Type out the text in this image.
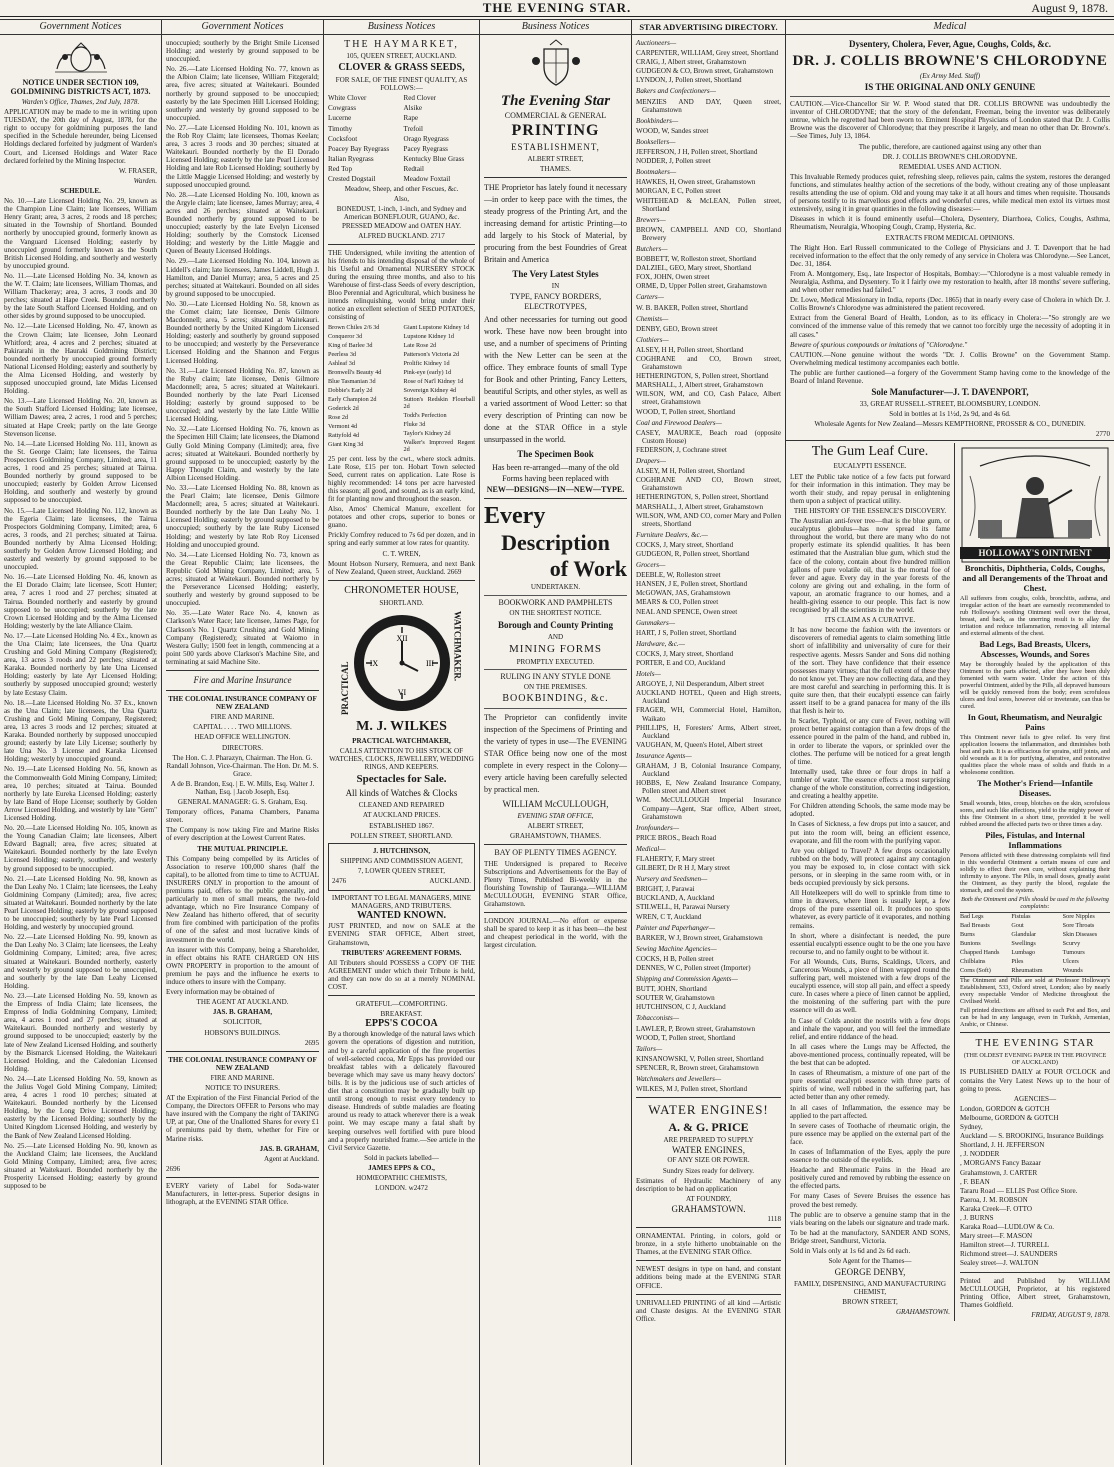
THE EVENING STAR.	August 9, 1878.
Government Notices

NOTICE UNDER SECTION 109, GOLDMINING DISTRICTS ACT, 1873.

Warden's Office, Thames, 2nd July, 1878.

APPLICATION may be made to me in writing upon TUESDAY, the 20th day of August, 1878, for the right to occupy for goldmining purposes the land specified in the Schedule hereunder, being Licensed Holdings declared forfeited by judgment of Warden's Court, and Licensed Holdings and Water Race declared forfeited by the Mining Inspector.

W. FRASER,

Warden.

SCHEDULE.

No. 10.—Late Licensed Holding No. 29, known as the Champion Line Claim; late licensees, William Henry Grant; area, 3 acres, 2 roods and 18 perches; situated in the Township of Shortland. Bounded northerly by unoccupied ground, formerly known as the Vanguard Licensed Holding; easterly by unoccupied ground formerly known as the South British Licensed Holding, and southerly and westerly by unoccupied ground.

No. 11.—Late Licensed Holding No. 34, known as the W. T. Claim; late licensees, William Thomas, and William Thackeray; area, 3 acres, 3 roods and 30 perches; situated at Hape Creek. Bounded northerly by the late South Stafford Licensed Holding, and on other sides by ground supposed to be unoccupied.

No. 12.—Late Licensed Holding, No. 47, known as the Crown Claim; late licensee, John Leonard Whitford; area, 4 acres and 2 perches; situated at Pakirarahi in the Hauraki Goldmining District; bounded northerly by unoccupied ground formerly National Licensed Holding; easterly and southerly by the Alma Licensed Holding, and westerly by supposed unoccupied ground, late Midas Licensed Holding.

No. 13.—Late Licensed Holding No. 20, known as the South Stafford Licensed Holding; late licensee, William Dawes; area, 2 acres, 1 rood and 5 perches; situated at Hape Creek; partly on the late George Stevenson license.

No. 14.—Late Licensed Holding No. 111, known as the St. George Claim; late licensees, the Tairua Prospectors Goldmining Company, Limited; area, 11 acres, 1 rood and 25 perches; situated at Tairua. Bounded northerly by ground supposed to be unoccupied; easterly by Golden Arrow Licensed Holding, and southerly and westerly by ground supposed to be unoccupied.

No. 15.—Late Licensed Holding No. 112, known as the Egeria Claim; late licensees, the Tairua Prospectors Goldmining Company, Limited; area, 6 acres, 3 roods, and 21 perches; situated at Tairua. Bounded northerly by Alma Licensed Holding; southerly by Golden Arrow Licensed Holding; and easterly and westerly by ground supposed to be unoccupied.

No. 16.—Late Licensed Holding No. 46, known as the El Dorado Claim; late licensee, Scott Hunter; area, 7 acres 1 rood and 27 perches; situated at Tairua. Bounded northerly and easterly by ground supposed to be unoccupied; southerly by the late Crown Licensed Holding and by the Alma Licensed Holding; westerly by the late Alliance Claim.

No. 17.—Late Licensed Holding No. 4 Ex., known as the Una Claim; late licensees, the Una Quartz Crushing and Gold Mining Company (Registered); area, 13 acres 3 roods and 22 perches; situated at Karaka. Bounded northerly by late Una Licensed Holding; easterly by late Ayr Licensed Holding; southerly by supposed unoccupied ground; westerly by late Ecstasy Claim.

No. 18.—Late Licensed Holding No. 37 Ex., known as the Una Claim; late licensees, the Una Quartz Crushing and Gold Mining Company, Registered; area, 13 acres 3 roods and 12 perches; situated at Karaka. Bounded northerly by supposed unoccupied ground; easterly by late Lily License; southerly by late Una No. 3 License and Karaka Licensed Holding; westerly by unoccupied ground.

No. 19.—Late Licensed Holding No. 56, known as the Commonwealth Gold Mining Company, Limited; area, 10 perches; situated at Tairua. Bounded northerly by late Eureka Licensed Holding; easterly by late Band of Hope License; southerly by Golden Arrow Licensed Holding, and westerly by late "Gem" Licensed Holding.

No. 20.—Late Licensed Holding No. 105, known as the Young Canadian Claim; late licensees, Albert Edward Bagnall; area, five acres; situated at Waitekauri. Bounded northerly by the late Evelyn Licensed Holding; easterly, southerly, and westerly by ground supposed to be unoccupied.

No. 21.—Late Licensed Holding No. 98, known as the Dan Leahy No. 1 Claim; late licensees, the Leahy Goldmining Company (Limited); area, five acres; situated at Waitekauri. Bounded northerly by the late Pearl Licensed Holding; easterly by ground supposed to be unoccupied; southerly by late Pearl Licensed Holding, and westerly by unoccupied ground.

No. 22.—Late Licensed Holding No. 99, known as the Dan Leahy No. 3 Claim; late licensees, the Leahy Goldmining Company, Limited; area, five acres; situated at Waitekauri. Bounded northerly, easterly and westerly by ground supposed to be unoccupied, and southerly by the late Dan Leahy Licensed Holding.

No. 23.—Late Licensed Holding No. 59, known as the Empress of India Claim; late licensees, the Empress of India Goldmining Company, Limited; area, 4 acres 1 rood and 27 perches; situated at Waitekauri. Bounded northerly and westerly by ground supposed to be unoccupied; easterly by the late of New Zealand Licensed Holding, and southerly by the Bismarck Licensed Holding, the Waitekauri Licensed Holding, and the Caledonian Licensed Holding.

No. 24.—Late Licensed Holding No. 59, known as the Julius Vogel Gold Mining Company, Limited; area, 4 acres 1 rood 10 perches; situated at Waitekauri. Bounded northerly by the Licensed Holding, by the Long Drive Licensed Holding; easterly by the Licensed Holding; southerly by the United Kingdom Licensed Holding, and westerly by the Bank of New Zealand Licensed Holding.

No. 25.—Late Licensed Holding No. 90, known as the Auckland Claim; late licensees, the Auckland Gold Mining Company, Limited; area, five acres; situated at Waitekauri. Bounded northerly by the Prosperity Licensed Holding; easterly by ground supposed to be

Government Notices

unoccupied; southerly by the Bright Smile Licensed Holding; and westerly by ground supposed to be unoccupied.

No. 26.—Late Licensed Holding No. 77, known as the Albion Claim; late licensee, William Fitzgerald; area, five acres; situated at Waitekauri. Bounded northerly by ground supposed to be unoccupied; easterly by the late Specimen Hill Licensed Holding; southerly and westerly by ground supposed to be unoccupied.

No. 27.—Late Licensed Holding No. 101, known as the Rob Roy Claim; late licensees, Thomas Keelan; area, 3 acres 3 roods and 30 perches; situated at Waitekauri. Bounded northerly by the El Dorado Licensed Holding; easterly by the late Pearl Licensed Holding and late Rob Licensed Holding; southerly by the Little Maggie Licensed Holding; and westerly by supposed unoccupied ground.

No. 28.—Late Licensed Holding No. 100, known as the Argyle claim; late licensee, James Murray; area, 4 acres and 26 perches; situated at Waitekauri. Bounded northerly by ground supposed to be unoccupied; easterly by the late Evelyn Licensed Holding; southerly by the Comstock Licensed Holding; and westerly by the Little Maggie and Queen of Beauty Licensed Holdings.

No. 29.—Late Licensed Holding No. 104, known as Liddell's claim; late licensees, James Liddell, Hugh J. Hamilton, and Daniel Murray; area, 5 acres and 25 perches; situated at Waitekauri. Bounded on all sides by ground supposed to be unoccupied.

No. 30.—Late Licensed Holding No. 58, known as the Comet claim; late licensee, Denis Gilmore Macdonnell; area, 5 acres; situated at Waitekauri. Bounded northerly by the United Kingdom Licensed Holding; easterly and southerly by ground supposed to be unoccupied; and westerly by the Perseverance Licensed Holding and the Shannon and Fergus Licensed Holding.

No. 31.—Late Licensed Holding No. 87, known as the Ruby claim; late licensee, Denis Gilmore Macdonnell; area, 5 acres; situated at Waitekauri. Bounded northerly by the late Pearl Licensed Holding; easterly by ground supposed to be unoccupied; and westerly by the late Little Willie Licensed Holding.

No. 32.—Late Licensed Holding No. 76, known as the Specimen Hill Claim; late licensees, the Diamond Gully Gold Mining Company (Limited); area, five acres; situated at Waitekauri. Bounded northerly by ground supposed to be unoccupied; easterly by the Happy Thought Claim, and westerly by the late Albion Licensed Holding.

No. 33.—Late Licensed Holding No. 88, known as the Pearl Claim; late licensee, Denis Gilmore Macdonnell; area, 5 acres; situated at Waitekauri. Bounded northerly by the late Dan Leahy No. 1 Licensed Holding; easterly by ground supposed to be unoccupied; southerly by the late Ruby Licensed Holding; and westerly by late Rob Roy Licensed Holding and unoccupied ground.

No. 34.—Late Licensed Holding No. 73, known as the Great Republic Claim; late licensees, the Republic Gold Mining Company, Limited; area, 5 acres; situated at Waitekauri. Bounded northerly by the Perseverance Licensed Holding; easterly, southerly and westerly by ground supposed to be unoccupied.

No. 35.—Late Water Race No. 4, known as Clarkson's Water Race; late licensee, James Page, for Clarkson's No. 1 Quartz Crushing and Gold Mining Company (Registered); situated at Waiomo in Westera Gully; 1500 feet in length, commencing at a point 500 yards above Clarkson's Machine Site, and terminating at said Machine Site.

Fire and Marine Insurance

THE COLONIAL INSURANCE COMPANY OF NEW ZEALAND

FIRE AND MARINE.

CAPITAL . . . . TWO MILLIONS.

HEAD OFFICE WELLINGTON.

DIRECTORS.

The Hon. C. J. Pharazyn, Chairman. The Hon. G. Randall Johnson, Vice-Chairman. The Hon. Dr. M. S. Grace.

A de B. Brandon, Esq. | E. W. Mills, Esq. Walter J. Nathan, Esq. | Jacob Joseph, Esq.

GENERAL MANAGER: G. S. Graham, Esq.

Temporary offices, Panama Chambers, Panama street.

The Company is now taking Fire and Marine Risks of every description at the Lowest Current Rates.

THE MUTUAL PRINCIPLE.

This Company being compelled by its Articles of Association to reserve 100,000 shares (half the capital), to be allotted from time to time to ACTUAL INSURERS ONLY in proportion to the amount of premiums paid, offers to the public generally, and particularly to men of small means, the two-fold advantage, which no Fire Insurance Company of New Zealand has hitherto offered, that of security from fire combined with participation of the profits of one of the safest and most lucrative kinds of investment in the world.

An insurer with this Company, being a Shareholder, in effect obtains his RATE CHARGED ON HIS OWN PROPERTY in proportion to the amount of premium he pays and the influence he exerts to induce others to insure with the Company.

Every information may be obtained of

THE AGENT AT AUCKLAND.

JAS. B. GRAHAM,

SOLICITOR,

HOBSON'S BUILDINGS.

2695

THE COLONIAL INSURANCE COMPANY OF NEW ZEALAND

FIRE AND MARINE.

NOTICE TO INSURERS.

AT the Expiration of the First Financial Period of the Company, the Directors OFFER to Persons who may have insured with the Company the right of TAKING UP, at par, One of the Unallotted Shares for every £1 of premiums paid by them, whether for Fire or Marine risks.

JAS. B. GRAHAM,

Agent at Auckland.

2696

EVERY variety of Label for Soda-water Manufacturers, in letter-press. Superior designs in lithograph, at the EVENING STAR Office.

Business Notices

THE HAYMARKET,

105, QUEEN STREET, AUCKLAND.

CLOVER & GRASS SEEDS,

FOR SALE, OF THE FINEST QUALITY, AS FOLLOWS:—

White Clover

Cowgrass

Lucerne

Timothy

Cocksfoot

Poacey Bay Ryegrass

Italian Ryegrass

Red Top

Crested Dogstail

Red Clover

Alsike

Rape

Trefoil

Orago Ryegrass

Pacey Ryegrass

Kentucky Blue Grass

Redtail

Meadow Foxtail

Meadow, Sheep, and other Fescues, &c.

Also,

BONEDUST, 1-inch, 1-inch, and Sydney and American BONEFLOUR, GUANO, &c. PRESSED MEADOW and OATEN HAY.

ALFRED BUCKLAND. 2717

THE Undersigned, while inviting the attention of his friends to his intending disposal of the whole of his Useful and Ornamental NURSERY STOCK during the ensuing three months, and also to his Warehouse of first-class Seeds of every description, Bloo Perennial and Agricultural, which business he intends relinquishing, would bring under their notice an excellent selection of SEED POTATOES, consisting of

Brown Chiles 2/6 3d

Conqueror 3d

King of Barlee 3d

Peerless 3d

Ashleaf 3d

Bronwell's Beauty 4d

Blue Tasmanian 3d

Dobbie's Early 2d

Early Champion 2d

Goderick 2d

Rose 2d

Vermont 4d

Rattyfold 4d

Giant King 3d

Giant Lupstone Kidney 1d

Lupstone Kidney 1d

Late Rose 2d

Patterson's Victoria 2d

Prolific Kidney 1d

Pink-eye (early) 1d

Rose of Nat'l Kidney 1d

Sovereign Kidney 4d

Sutton's Redskin Flourball 2d

Todd's Perfection

Fluke 3d

Taylor's Kidney 2d

Walker's Improved Regent 2d

25 per cent. less by the cwt., where stock admits. Late Rose, £15 per ton. Hobart Town selected Seed, current rates on application. Late Rose is highly recommended: 14 tons per acre harvested this season; all good, and sound, as is an early kind, fit for planting now and throughout the season.

Also, Amos' Chemical Manure, excellent for potatoes and other crops, superior to bones or guano.

Prickly Comfrey reduced to 7s 6d per dozen, and in spring and early summer at low rates for quantity.

C. T. WREN,

Mount Hobson Nursery, Remuera, and next Bank of New Zealand, Queen street, Auckland. 2669

CHRONOMETER HOUSE,

SHORTLAND.

PRACTICAL
XII
III
VI
IX	WATCHMAKER.

M. J. WILKES

PRACTICAL WATCHMAKER,

CALLS ATTENTION TO HIS STOCK OF WATCHES, CLOCKS, JEWELLERY, WEDDING RINGS, AND KEEPERS.

Spectacles for Sale.

All kinds of Watches & Clocks

CLEANED AND REPAIRED

AT AUCKLAND PRICES.

ESTABLISHED 1867.

POLLEN STREET, SHORTLAND.

J. HUTCHINSON,

SHIPPING AND COMMISSION AGENT,

7, LOWER QUEEN STREET,

2476	AUCKLAND.

IMPORTANT TO LEGAL MANAGERS, MINE MANAGERS, AND TRIBUTERS.

WANTED KNOWN.

JUST PRINTED, and now on SALE at the EVENING STAR OFFICE, Albert street, Grahamstown,

TRIBUTERS' AGREEMENT FORMS.

All Tributers should POSSESS a COPY OF THE AGREEMENT under which their Tribute is held, and they can now do so at a merely NOMINAL COST.

GRATEFUL—COMFORTING.

BREAKFAST.

EPPS'S COCOA

By a thorough knowledge of the natural laws which govern the operations of digestion and nutrition, and by a careful application of the fine properties of well-selected cocoa, Mr Epps has provided our breakfast tables with a delicately flavoured beverage which may save us many heavy doctors' bills. It is by the judicious use of such articles of diet that a constitution may be gradually built up until strong enough to resist every tendency to disease. Hundreds of subtle maladies are floating around us ready to attack wherever there is a weak point. We may escape many a fatal shaft by keeping ourselves well fortified with pure blood and a properly nourished frame.—See article in the Civil Service Gazette.

Sold in packets labelled—

JAMES EPPS & CO.,

HOMŒOPATHIC CHEMISTS,

LONDON. w2472

Business Notices

The Evening Star

COMMERCIAL & GENERAL

PRINTING

ESTABLISHMENT,

ALBERT STREET,

THAMES.

THE Proprietor has lately found it necessary—in order to keep pace with the times, the steady progress of the Printing Art, and the increasing demand for artistic Printing—to add largely to his Stock of Material, by procuring from the best Foundries of Great Britain and America

The Very Latest Styles

IN

TYPE, FANCY BORDERS, ELECTROTYPES,

And other necessaries for turning out good work. These have now been brought into use, and a number of specimens of Printing with the New Letter can be seen at the office. They embrace founts of small Type for Book and other Printing, Fancy Letters, beautiful Scripts, and other styles, as well as a varied assortment of Wood Letter: so that every description of Printing can now be done at the STAR Office in a style unsurpassed in the world.

The Specimen Book

Has been re-arranged—many of the old Forms having been replaced with

NEW—DESIGNS—IN—NEW—TYPE.

Every

Description

of Work

UNDERTAKEN.

BOOKWORK AND PAMPHLETS

ON THE SHORTEST NOTICE.

Borough and County Printing

AND

MINING FORMS

PROMPTLY EXECUTED.

RULING IN ANY STYLE DONE

ON THE PREMISES.

BOOKBINDING, &c.

The Proprietor can confidently invite inspection of the Specimens of Printing and the variety of types in use—The EVENING STAR Office being now one of the most complete in every respect in the Colony—every article having been carefully selected by practical men.

WILLIAM McCULLOUGH,

EVENING STAR OFFICE,

ALBERT STREET,

GRAHAMSTOWN, THAMES.

BAY OF PLENTY TIMES AGENCY.

THE Undersigned is prepared to Receive Subscriptions and Advertisements for the Bay of Plenty Times, Published Bi-weekly in the flourishing Township of Tauranga.—WILLIAM McCULLOUGH, EVENING STAR Office, Grahamstown.

LONDON JOURNAL.—No effort or expense shall be spared to keep it as it has been—the best and cheapest periodical in the world, with the largest circulation.

STAR ADVERTISING DIRECTORY.

Auctioneers—

CARPENTER, WILLIAM, Grey street, Shortland

CRAIG, J, Albert street, Grahamstown

GUDGEON & CO, Brown street, Grahamstown

LYNDON, J, Pollen street, Shortland

Bakers and Confectioners—

MENZIES AND DAY, Queen street, Grahamstown

Bookbinders—

WOOD, W, Sandes street

Booksellers—

JEFFERSON, J H, Pollen street, Shortland

NODDER, J, Pollen street

Bootmakers—

HAWKES, H, Owen street, Grahamstown

MORGAN, E C, Pollen street

WHITEHEAD & McLEAN, Pollen street, Shortland

Brewers—

BROWN, CAMPBELL AND CO, Shortland Brewery

Butchers—

BOBBETT, W, Rolleston street, Shortland

DALZIEL, GEO, Mary street, Shortland

FOX, JOHN, Owen street

ORME, D, Upper Pollen street, Grahamstown

Carters—

W. B. BAKER, Pollen street, Shortland

Chemists—

DENBY, GEO, Brown street

Clothiers—

ALSEY, H H, Pollen street, Shortland

COGHRANE and CO, Brown street, Grahamstown

HETHERINGTON, S, Pollen street, Shortland

MARSHALL, J, Albert street, Grahamstown

WILSON, WM, and CO, Cash Palace, Albert street, Grahamstown

WOOD, T, Pollen street, Shortland

Coal and Firewood Dealers—

CASEY, MAURICE, Beach road (opposite Custom House)

FEDERSON, J, Cochrane street

Drapers—

ALSEY, M H, Pollen street, Shortland

COGHRANE AND CO, Brown street, Grahamstown

HETHERINGTON, S, Pollen street, Shortland

MARSHALL, J, Albert street, Grahamstown

WILSON, WM, AND CO, corner Mary and Pollen streets, Shortland

Furniture Dealers, &c.—

COCKS, J, Mary street, Shortland

GUDGEON, R, Pollen street, Shortland

Grocers—

DEEBLE, W, Rolleston street

HANSEN, J E, Pollen street, Shortland

McGOWAN, JAS, Grahamstown

MEARS & CO, Pollen street

NEAL AND SPENCE, Owen street

Gunmakers—

HART, J S, Pollen street, Shortland

Hardware, &c.—

COCKS, J, Mary street, Shortland

PORTER, E and CO, Auckland

Hotels—

ARGOYE, J, Nil Desperandum, Albert street

AUCKLAND HOTEL, Queen and High streets, Auckland

FRAGER, WH, Commercial Hotel, Hamilton, Waikato

PHILLIPS, H, Foresters' Arms, Albert street, Auckland

VAUGHAN, M, Queen's Hotel, Albert street

Insurance Agents—

GRAHAM, J B, Colonial Insurance Company, Auckland

HOBBS, E, New Zealand Insurance Company, Pollen street and Albert street

WM. McCULLOUGH Imperial Insurance Company—Agent, Star office, Albert street, Grahamstown

Ironfounders—

PRICE BROS., Beach Road

Medical—

FLAHERTY, F, Mary street

GILBERT, Dr R H J, Mary street

Nursery and Seedsmen—

BRIGHT, J, Parawai

BUCKLAND, A, Auckland

STILWELL, H, Parawai Nursery

WREN, C T, Auckland

Painter and Paperhanger—

BARKER, W J, Brown street, Grahamstown

Sewing Machine Agencies—

COCKS, H B, Pollen street

DENNES, W C, Pollen street (Importer)

Shipping and Commission Agents—

BUTT, JOHN, Shortland

SOUTER W, Grahamstown

HUTCHINSON, C J, Auckland

Tobacconists—

LAWLER, P, Brown street, Grahamstown

WOOD, T, Pollen street, Shortland

Tailors—

KINSANOWSKI, V, Pollen street, Shortland

SPENCER, R, Brown street, Grahamstown

Watchmakers and Jewellers—

WILKES, M J, Pollen street, Shortland

WATER ENGINES!

A. & G. PRICE

ARE PREPARED TO SUPPLY

WATER ENGINES,

OF ANY SIZE OR POWER.

Sundry Sizes ready for delivery.

Estimates of Hydraulic Machinery of any description to be had on application

AT FOUNDRY,

GRAHAMSTOWN.

1118

ORNAMENTAL Printing, in colors, gold or bronze, in a style hitherto unobtainable on the Thames, at the EVENING STAR Office.

NEWEST designs in type on hand, and constant additions being made at the EVENING STAR OFFICE.

UNRIVALLED PRINTING of all kind —Artistic and Chaste designs. At the EVENING STAR Office.

Medical

Dysentery, Cholera, Fever, Ague, Coughs, Colds, &c.

DR. J. COLLIS BROWNE'S CHLORODYNE

(Ex Army Med. Staff)

IS THE ORIGINAL AND ONLY GENUINE

CAUTION.—Vice-Chancellor Sir W. P. Wood stated that DR. COLLIS BROWNE was undoubtedly the inventor of CHLORODYNE; that the story of the defendant, Freeman, being the inventor was deliberately untrue, which he regretted had been sworn to. Eminent Hospital Physicians of London stated that Dr. J. Collis Browne was the discoverer of Chlorodyne; that they prescribe it largely, and mean no other than Dr. Browne's.—See Times, July 13, 1864.

The public, therefore, are cautioned against using any other than

DR. J. COLLIS BROWNE'S CHLORODYNE.

REMEDIAL USES AND ACTION.

This Invaluable Remedy produces quiet, refreshing sleep, relieves pain, calms the system, restores the deranged functions, and stimulates healthy action of the secretions of the body, without creating any of those unpleasant results attending the use of opium. Old and young may take it at all hours and times when requisite. Thousands of persons testify to its marvellous good effects and wonderful cures, while medical men extol its virtues most extensively, using it in great quantities in the following diseases:—

Diseases in which it is found eminently useful—Cholera, Dysentery, Diarrhoea, Colics, Coughs, Asthma, Rheumatism, Neuralgia, Whooping Cough, Cramp, Hysteria, &c.

EXTRACTS FROM MEDICAL OPINIONS.

The Right Hon. Earl Russell communicated to the College of Physicians and J. T. Davenport that he had received information to the effect that the only remedy of any service in Cholera was Chlorodyne.—See Lancet, Dec. 31, 1864.

From A. Montgomery, Esq., late Inspector of Hospitals, Bombay:—"Chlorodyne is a most valuable remedy in Neuralgia, Asthma, and Dysentery. To it I fairly owe my restoration to health, after 18 months' severe suffering, and when other remedies had failed."

Dr. Lowe, Medical Missionary in India, reports (Dec. 1865) that in nearly every case of Cholera in which Dr. J. Collis Browne's Chlorodyne was administered the patient recovered.

Extract from the General Board of Health, London, as to its efficacy in Cholera:—"So strongly are we convinced of the immense value of this remedy that we cannot too forcibly urge the necessity of adopting it in all cases."

Beware of spurious compounds or imitations of "Chlorodyne."

CAUTION.—None genuine without the words "Dr. J. Collis Browne" on the Government Stamp. Overwhelming medical testimony accompanies each bottle.

The public are further cautioned—a forgery of the Government Stamp having come to the knowledge of the Board of Inland Revenue.

Sole Manufacturer—J. T. DAVENPORT,

33, GREAT RUSSELL-STREET, BLOOMSBURY, LONDON.

Sold in bottles at 1s 1½d, 2s 9d, and 4s 6d.

Wholesale Agents for New Zealand—Messrs KEMPTHORNE, PROSSER & CO., DUNEDIN.

2770

The Gum Leaf Cure.

EUCALYPTI ESSENCE.

LET the Public take notice of a few facts put forward for their information in this intimation. They may be worth their study, and repay perusal in enlightening them upon a subject of practical utility.

THE HISTORY OF THE ESSENCE'S DISCOVERY.

The Australian anti-fever tree—that is the blue gum, or eucalyptus globulus—has now spread its fame throughout the world, but there are many who do not properly estimate its splendid qualities. It has been estimated that the Australian blue gum, which stud the face of the colony, contain about five hundred million gallons of pure volatile oil, that is the mortal foe of fever and ague. Every day in the year forests of the colony are giving out and exhaling, in the form of vapour, an aromatic fragrance to our homes, and a health-giving essence to our people. This fact is now recognised by all the scientists in the world.

ITS CLAIM AS A CURATIVE.

It has now become the fashion with the inventors or discoverers of remedial agents to claim something little short of infallibility and universality of cure for their respective agents. Messrs Sander and Sons did nothing of the sort. They have confidence that their essence possesses many virtues; that the full extent of these they do not know yet. They are now collecting data, and they are most careful and searching in performing this. It is quite sure then, that their eucalypti essence can fairly assert itself to be a grand panacea for many of the ills that flesh is heir to.

In Scarlet, Typhoid, or any cure of Fever, nothing will protect better against contagion than a few drops of the essence poured in the palm of the hand, and rubbed in, in order to liberate the vapors, or sprinkled over the clothes. The perfume will be noticed for a great length of time.

Internally used, take three or four drops in half a tumbler of water. The essence effects a most surprising change of the whole constitution, correcting indigestion, and creating a healthy appetite.

For Children attending Schools, the same mode may be adopted.

In Cases of Sickness, a few drops put into a saucer, and put into the room will, being an efficient essence, evaporate, and fill the room with the purifying vapor.

Are you obliged to Travel? A few drops occasionally rubbed on the body, will protect against any contagion you may be exposed to, in close contact with sick persons, or in sleeping in the same room with, or in beds occupied previously by sick persons.

All Hotelkeepers will do well to sprinkle from time to time in drawers, where linen is usually kept, a few drops of the pure essential oil. It produces no spots whatever, as every particle of it evaporates, and nothing remains.

In short, where a disinfectant is needed, the pure essential eucalypti essence ought to be the one you have recourse to, and no family ought to be without it.

For all Wounds, Cuts, Burns, Scaldings, Ulcers, and Cancerous Wounds, a piece of linen wrapped round the suffering part, well moistened with a few drops of the eucalypti essence, will stop all pain, and effect a speedy cure. In cases where a piece of linen cannot be applied, the moistening of the suffering part with the pure essence will do as well.

In Case of Colds anoint the nostrils with a few drops and inhale the vapour, and you will feel the immediate relief, and entire riddance of the head.

In all cases where the Lungs may be Affected, the above-mentioned process, continually repeated, will be the best that can be adopted.

In cases of Rheumatism, a mixture of one part of the pure essential eucalypti essence with three parts of spirits of wine, well rubbed in the suffering part, has acted better than any other remedy.

In all cases of Inflammation, the essence may be applied to the part affected.

In severe cases of Toothache of rheumatic origin, the pure essence may be applied on the external part of the face.

In cases of Inflammation of the Eyes, apply the pure essence to the outside of the eyelids.

Headache and Rheumatic Pains in the Head are positively cured and removed by rubbing the essence on the effected parts.

For many Cases of Severe Bruises the essence has proved the best remedy.

The public are to observe a genuine stamp that in the vials bearing on the labels our signature and trade mark.

To be had at the manufactory, SANDER AND SONS, Bridge street, Sandhurst, Victoria.

Sold in Vials only at 1s 6d and 2s 6d each.

Sole Agent for the Thames—

GEORGE DENBY,

FAMILY, DISPENSING, AND MANUFACTURING CHEMIST,

BROWN STREET,

GRAHAMSTOWN.

HOLLOWAY'S OINTMENT

Bronchitis, Diphtheria, Colds, Coughs, and all Derangements of the Throat and Chest.

All sufferers from coughs, colds, bronchitis, asthma, and irregular action of the heart are earnestly recommended to rub Holloway's soothing Ointment well over the throat, breast, and back, as the unerring result is to allay the irritation and reduce inflammation, removing all internal and external ailments of the chest.

Bad Legs, Bad Breasts, Ulcers, Abscesses, Wounds, and Sores

May be thoroughly healed by the application of this Ointment to the parts affected, after they have been duly fomented with warm water. Under the action of this powerful Ointment, aided by the Pills, all depraved humours will be quickly removed from the body; even scrofulous ulcers and foul sores, however old or inveterate, can thus be cured.

In Gout, Rheumatism, and Neuralgic Pains

This Ointment never fails to give relief. Its very first application loosens the inflammation, and diminishes both heat and pain. It is as efficacious for sprains, stiff joints, and old wounds as it is for purifying, alterative, and restorative qualities place the whole mass of solids and fluids in a wholesome condition.

The Mother's Friend—Infantile Diseases.

Small wounds, bites, croup, blotches on the skin, scrofulous sores, and such like affections, yield to the mighty power of this fine Ointment in a short time, provided it be well rubbed around the affected parts two or three times a day.

Piles, Fistulas, and Internal Inflammations

Persons afflicted with these distressing complaints will find in this wonderful Ointment a certain means of cure and solidly to effect their own cure, without explaining their infirmity to anyone. The Pills, in small doses, greatly assist the Ointment, as they purify the blood, regulate the stomach, and cool the system.

Both the Ointment and Pills should be used in the following complaints:

Bad Legs

Bad Breasts

Burns

Bunions

Chapped Hands

Chilblains

Corns (Soft)

Fistulas

Gout

Glandular

Swellings

Lumbago

Piles

Rheumatism

Sore Nipples

Sore Throats

Skin Diseases

Scurvy

Tumours

Ulcers

Wounds

The Ointment and Pills are sold at Professor Holloway's Establishment, 533, Oxford street, London; also by nearly every respectable Vendor of Medicine throughout the Civilised World.

Full printed directions are affixed to each Pot and Box, and can be had in any language, even in Turkish, Armenian, Arabic, or Chinese.

THE EVENING STAR

(THE OLDEST EVENING PAPER IN THE PROVINCE OF AUCKLAND)

IS PUBLISHED DAILY at FOUR O'CLOCK and contains the Very Latest News up to the hour of going to press.

AGENCIES—

London, GORDON & GOTCH

Melbourne, GORDON & GOTCH

Sydney,

Auckland — S. BROOKING, Insurance Buildings

Shortland, J. H. JEFFERSON

, J. NODDER

, MORGAN'S Fancy Bazaar

Grahamstown, J. CARTER

, F. BEAN

Tararu Road — ELLIS Post Office Store.

Paeroa, J. M. ROBSON

Karaka Creek—F. OTTO

, J. BURNS

Karaka Road—LUDLOW & Co.

Mary street—F. MASON

Hamilton street—J. TURRELL

Richmond street—J. SAUNDERS

Sealey street—J. WALTON

Printed and Published by WILLIAM McCULLOUGH, Proprietor, at his registered Printing Office, Albert street, Grahamstown, Thames Goldfield.

FRIDAY, AUGUST 9, 1878.
